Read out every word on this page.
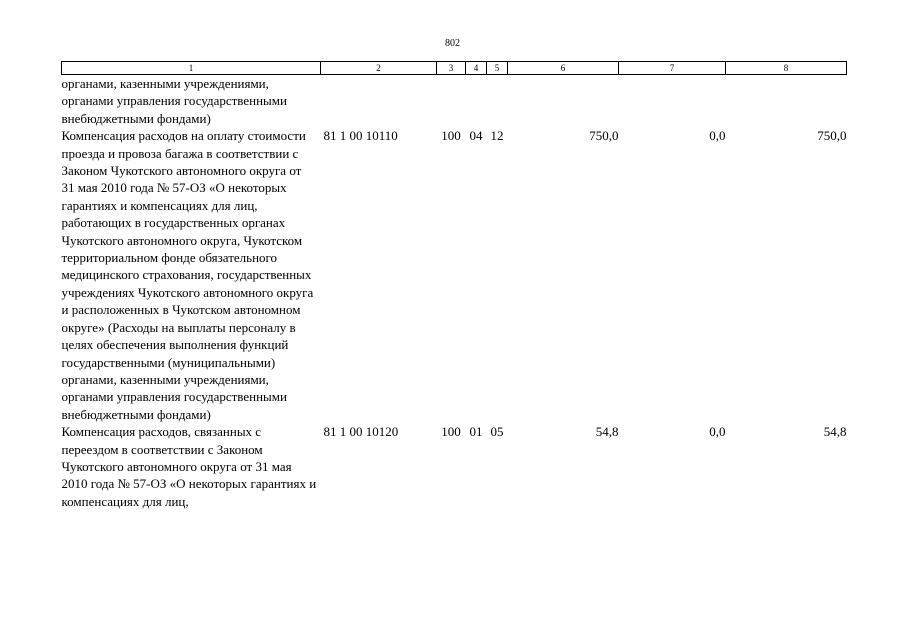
802
1	2	3	4	5	6	7	8
органами, казенными учреждениями, органами управления государственными внебюджетными фондами)							
Компенсация расходов на оплату стоимости проезда и провоза багажа в соответствии с Законом Чукотского автономного округа от 31 мая 2010 года № 57-ОЗ «О некоторых гарантиях и компенсациях для лиц, работающих в государственных органах Чукотского автономного округа, Чукотском территориальном фонде обязательного медицинского страхования, государственных учреждениях Чукотского автономного округа и расположенных в Чукотском автономном округе» (Расходы на выплаты персоналу в целях обеспечения выполнения функций государственными (муниципальными) органами, казенными учреждениями, органами управления государственными внебюджетными фондами)	81 1 00 10110	100	04	12	750,0	0,0	750,0
Компенсация расходов, связанных с переездом в соответствии с Законом Чукотского автономного округа от 31 мая 2010 года № 57-ОЗ «О некоторых гарантиях и компенсациях для лиц,	81 1 00 10120	100	01	05	54,8	0,0	54,8
